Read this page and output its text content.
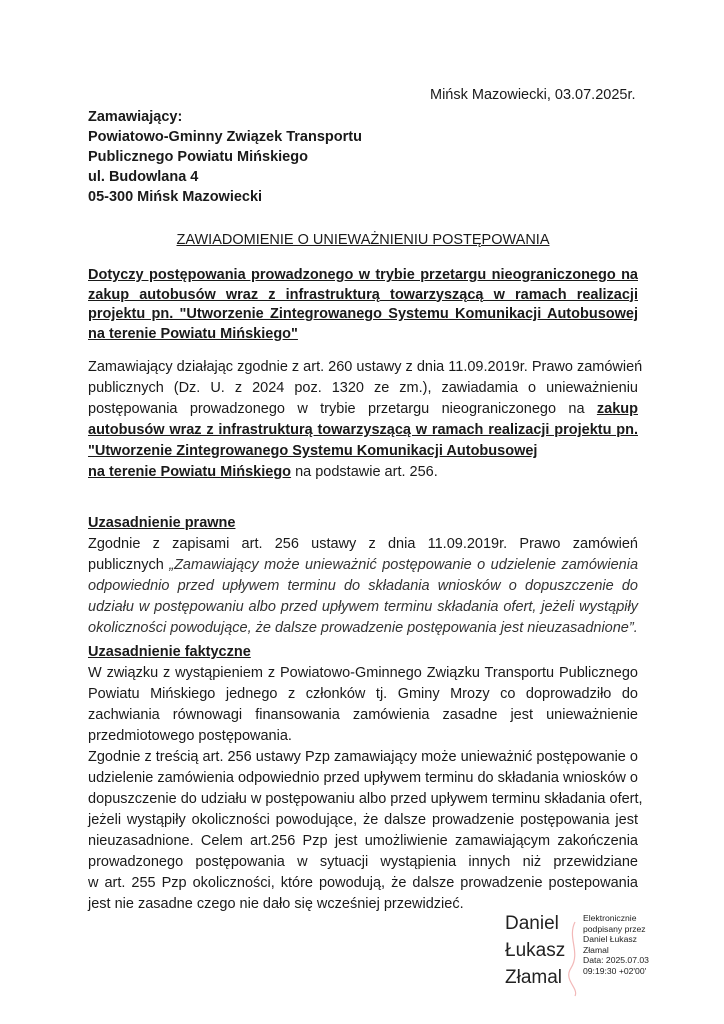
Mińsk Mazowiecki, 03.07.2025r.
Zamawiający:
Powiatowo-Gminny Związek Transportu
Publicznego Powiatu Mińskiego
ul. Budowlana 4
05-300 Mińsk Mazowiecki
ZAWIADOMIENIE O UNIEWAŻNIENIU POSTĘPOWANIA
Dotyczy postępowania prowadzonego w trybie przetargu nieograniczonego na
zakup autobusów wraz z infrastrukturą towarzyszącą w ramach realizacji
projektu pn. "Utworzenie Zintegrowanego Systemu Komunikacji Autobusowej
na terenie Powiatu Mińskiego"
Zamawiający działając zgodnie z art. 260 ustawy z dnia 11.09.2019r. Prawo zamówień
publicznych (Dz. U. z 2024 poz. 1320 ze zm.), zawiadamia o unieważnieniu
postępowania prowadzonego w trybie przetargu nieograniczonego na zakup
autobusów wraz z infrastrukturą towarzyszącą w ramach realizacji projektu pn.
"Utworzenie Zintegrowanego Systemu Komunikacji Autobusowej
na terenie Powiatu Mińskiego na podstawie art. 256.
Uzasadnienie prawne
Zgodnie z zapisami art. 256 ustawy z dnia 11.09.2019r. Prawo zamówień
publicznych „Zamawiający może unieważnić postępowanie o udzielenie zamówienia
odpowiednio przed upływem terminu do składania wniosków o dopuszczenie do
udziału w postępowaniu albo przed upływem terminu składania ofert, jeżeli wystąpiły
okoliczności powodujące, że dalsze prowadzenie postępowania jest nieuzasadnione”.
Uzasadnienie faktyczne
W związku z wystąpieniem z Powiatowo-Gminnego Związku Transportu Publicznego
Powiatu Mińskiego jednego z członków tj. Gminy Mrozy co doprowadziło do
zachwiania równowagi finansowania zamówienia zasadne jest unieważnienie
przedmiotowego postępowania.
Zgodnie z treścią art. 256 ustawy Pzp zamawiający może unieważnić postępowanie o
udzielenie zamówienia odpowiednio przed upływem terminu do składania wniosków o
dopuszczenie do udziału w postępowaniu albo przed upływem terminu składania ofert,
jeżeli wystąpiły okoliczności powodujące, że dalsze prowadzenie postępowania jest
nieuzasadnione. Celem art.256 Pzp jest umożliwienie zamawiającym zakończenia
prowadzonego postępowania w sytuacji wystąpienia innych niż przewidziane
w art. 255 Pzp okoliczności, które powodują, że dalsze prowadzenie postepowania
jest nie zasadne czego nie dało się wcześniej przewidzieć.
Daniel
Łukasz
Złamal
Elektronicznie
podpisany przez
Daniel Łukasz
Złamal
Data: 2025.07.03
09:19:30 +02'00'
